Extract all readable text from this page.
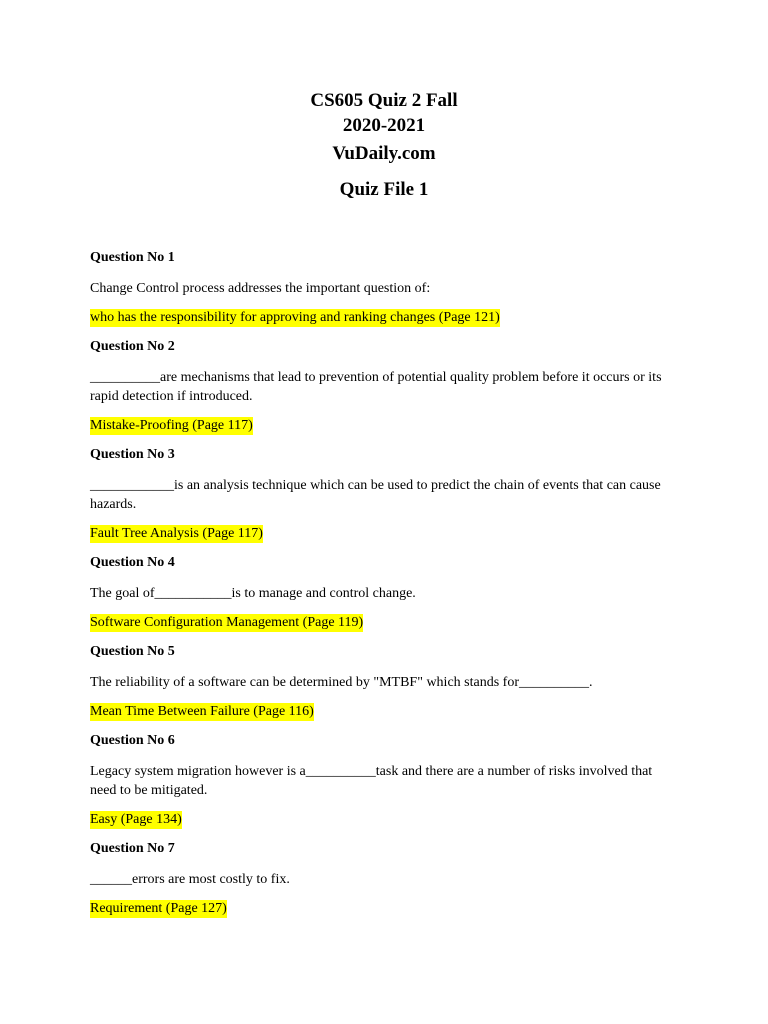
CS605 Quiz 2 Fall
2020-2021
VuDaily.com
Quiz File 1
Question No 1
Change Control process addresses the important question of:
who has the responsibility for approving and ranking changes (Page 121)
Question No 2
__________are mechanisms that lead to prevention of potential quality problem before it occurs or its rapid detection if introduced.
Mistake-Proofing (Page 117)
Question No 3
____________is an analysis technique which can be used to predict the chain of events that can cause hazards.
Fault Tree Analysis (Page 117)
Question No 4
The goal of___________is to manage and control change.
Software Configuration Management (Page 119)
Question No 5
The reliability of a software can be determined by "MTBF" which stands for__________.
Mean Time Between Failure (Page 116)
Question No 6
Legacy system migration however is a__________task and there are a number of risks involved that need to be mitigated.
Easy (Page 134)
Question No 7
______errors are most costly to fix.
Requirement (Page 127)
